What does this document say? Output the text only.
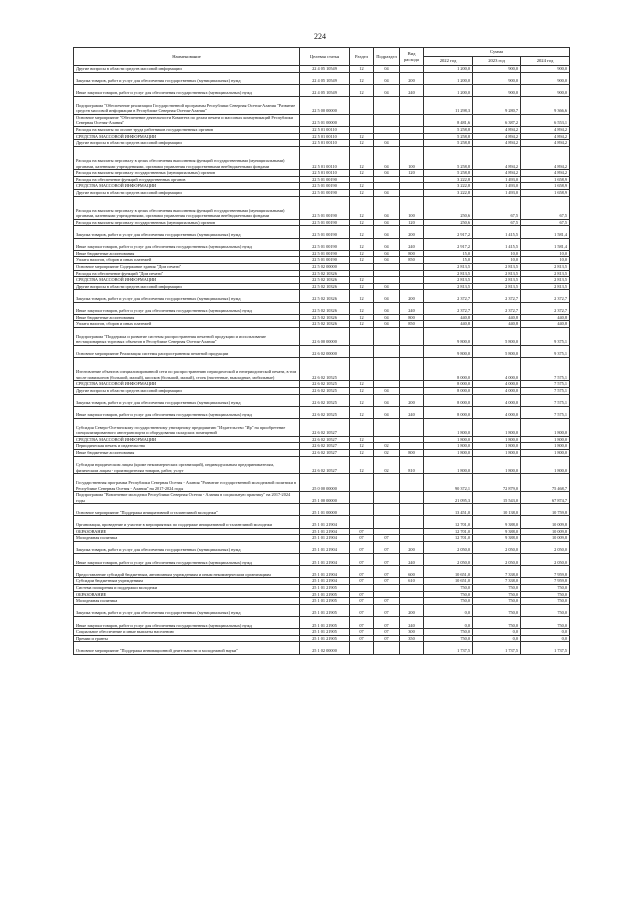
224
Наименование	Целевая статья	Раздел	Подраздел	Вид расхода	Сумма		
					2022 год	2023 год	2024 год
Другие вопросы в области средств массовой информации	22 4 05 10549	12	04		1 200,0	900,0	900,0
Закупка товаров, работ и услуг для обеспечения государственных (муниципальных) нужд	22 4 05 10549	12	04	200	1 200,0	900,0	900,0
Иные закупки товаров, работ и услуг для обеспечения государственных (муниципальных) нужд	22 4 05 10549	12	04	240	1 200,0	900,0	900,0
Подпрограмма "Обеспечение реализации Государственной программы Республики Северная Осетия-Алания "Развитие средств массовой информации в Республике Северная Осетия-Алания"	22 5 00 00000				11 298,3	9 280,7	9 366,6
Основное мероприятие "Обеспечение деятельности Комитета по делам печати и массовых коммуникаций Республики Северная Осетия-Алания"	22 5 01 00000				8 481,6	6 387,2	6 553,1
Расходы на выплаты по оплате труда работников государственных органов	22 5 01 00110				5 258,8	4 894,2	4 894,2
СРЕДСТВА МАССОВОЙ ИНФОРМАЦИИ	22 5 01 00110	12			5 258,8	4 894,2	4 894,2
Другие вопросы в области средств массовой информации	22 5 01 00110	12	04		5 258,8	4 894,2	4 894,2
Расходы на выплаты персоналу в целях обеспечения выполнения функций государственными (муниципальными) органами, казенными учреждениями, органами управления государственными внебюджетными фондами	22 5 01 00110	12	04	100	5 258,8	4 894,2	4 894,2
Расходы на выплаты персоналу государственных (муниципальных) органов	22 5 01 00110	12	04	120	5 258,8	4 894,2	4 894,2
Расходы на обеспечение функций государственных органов	22 5 01 00190				3 222,8	1 493,0	1 658,9
СРЕДСТВА МАССОВОЙ ИНФОРМАЦИИ	22 5 01 00190	12			3 222,8	1 493,0	1 658,9
Другие вопросы в области средств массовой информации	22 5 01 00190	12	04		3 222,8	1 493,0	1 658,9
Расходы на выплаты персоналу в целях обеспечения выполнения функций государственными (муниципальными) органами, казенными учреждениями, органами управления государственными внебюджетными фондами	22 5 01 00190	12	04	100	250,6	67,5	67,5
Расходы на выплаты персоналу государственных (муниципальных) органов	22 5 01 00190	12	04	120	250,6	67,5	67,5
Закупка товаров, работ и услуг для обеспечения государственных (муниципальных) нужд	22 5 01 00190	12	04	200	2 917,2	1 415,5	1 581,4
Иные закупки товаров, работ и услуг для обеспечения государственных (муниципальных) нужд	22 5 01 00190	12	04	240	2 917,2	1 415,5	1 581,4
Иные бюджетные ассигнования	22 5 01 00190	12	04	800	15,0	10,0	10,0
Уплата налогов, сборов и иных платежей	22 5 01 00190	12	04	850	15,0	10,0	10,0
Основное мероприятие Содержание здания "Дом печати"	22 5 02 00000				2 813,5	2 813,5	2 813,5
Расходы на обеспечение функций "Дом печати"	22 5 02 10326				2 813,5	2 813,5	2 813,5
СРЕДСТВА МАССОВОЙ ИНФОРМАЦИИ	22 5 02 10326	12			2 813,5	2 813,5	2 813,5
Другие вопросы в области средств массовой информации	22 5 02 10326	12	04		2 813,5	2 813,5	2 813,5
Закупка товаров, работ и услуг для обеспечения государственных (муниципальных) нужд	22 5 02 10326	12	04	200	2 372,7	2 372,7	2 372,7
Иные закупки товаров, работ и услуг для обеспечения государственных (муниципальных) нужд	22 5 02 10326	12	04	240	2 372,7	2 372,7	2 372,7
Иные бюджетные ассигнования	22 5 02 10326	12	04	800	440,8	440,8	440,8
Уплата налогов, сборов и иных платежей	22 5 02 10326	12	04	850	440,8	440,8	440,8
Подпрограмма "Поддержка и развитие системы распространения печатной продукции и использование нестационарных торговых объектов в Республике Северная Осетия-Алания"	22 6 00 00000				9 800,0	5 800,0	9 375,1
Основное мероприятие Реализация системы распространения печатной продукции	22 6 02 00000				9 800,0	5 800,0	9 375,1
Изготовление объектов специализированной сети по распространению периодической и непериодической печати, в том числе павильонов (большой, малый), киосков (большой, малый), стоек (настенные, выкладные, мобильные)	22 6 02 10525				8 000,0	4 000,0	7 575,1
СРЕДСТВА МАССОВОЙ ИНФОРМАЦИИ	22 6 02 10525	12			8 000,0	4 000,0	7 575,1
Другие вопросы в области средств массовой информации	22 6 02 10525	12	04		8 000,0	4 000,0	7 575,1
Закупка товаров, работ и услуг для обеспечения государственных (муниципальных) нужд	22 6 02 10525	12	04	200	8 000,0	4 000,0	7 575,1
Иные закупки товаров, работ и услуг для обеспечения государственных (муниципальных) нужд	22 6 02 10525	12	04	240	8 000,0	4 000,0	7 575,1
Субсидия Северо-Осетинскому государственному унитарному предприятию "Издательство "Ир" на приобретение специализированного автотранспорта и оборудования складских помещений	22 6 02 10527				1 800,0	1 800,0	1 800,0
СРЕДСТВА МАССОВОЙ ИНФОРМАЦИИ	22 6 02 10527	12			1 800,0	1 800,0	1 800,0
Периодическая печать и издательства	22 6 02 10527	12	02		1 800,0	1 800,0	1 800,0
Иные бюджетные ассигнования	22 6 02 10527	12	02	800	1 800,0	1 800,0	1 800,0
Субсидии юридическим лицам (кроме некоммерческих организаций), индивидуальным предпринимателям, физическим лицам - производителям товаров, работ, услуг	22 6 02 10527	12	02	810	1 800,0	1 800,0	1 800,0
Государственная программа Республики Северная Осетия - Алания "Развитие государственной молодежной политики в Республике Северная Осетия - Алания" на 2017-2024 годы	25 0 00 00000				90 372,1	72 879,0	75 468,7
Подпрограмма "Вовлечение молодежи Республики Северная Осетия - Алания в социальную практику" на 2017-2024 годы	25 1 00 00000				21 095,3	15 543,0	67 874,7
Основное мероприятие "Поддержка инициативной и талантливой молодежи"	25 1 01 00000				13 451,0	10 138,0	10 759,8
Организация, проведение и участие в мероприятиях по поддержке инициативной и талантливой молодежи	25 1 01 21904				12 701,0	9 388,0	10 009,8
ОБРАЗОВАНИЕ	25 1 01 21904	07			12 701,0	9 388,0	10 009,8
Молодежная политика	25 1 01 21904	07	07		12 701,0	9 388,0	10 009,8
Закупка товаров, работ и услуг для обеспечения государственных (муниципальных) нужд	25 1 01 21904	07	07	200	2 050,0	2 050,0	2 050,0
Иные закупки товаров, работ и услуг для обеспечения государственных (муниципальных) нужд	25 1 01 21904	07	07	240	2 050,0	2 050,0	2 050,0
Предоставление субсидий бюджетным, автономным учреждениям и иным некоммерческим организациям	25 1 01 21904	07	07	600	10 651,0	7 338,0	7 959,8
Субсидии бюджетным учреждениям	25 1 01 21904	07	07	610	10 651,0	7 338,0	7 959,8
Система поощрения и поддержки молодежи	25 1 01 21905				750,0	750,0	750,0
ОБРАЗОВАНИЕ	25 1 01 21905	07			750,0	750,0	750,0
Молодежная политика	25 1 01 21905	07	07		750,0	750,0	750,0
Закупка товаров, работ и услуг для обеспечения государственных (муниципальных) нужд	25 1 01 21905	07	07	200	0,0	750,0	750,0
Иные закупки товаров, работ и услуг для обеспечения государственных (муниципальных) нужд	25 1 01 21905	07	07	240	0,0	750,0	750,0
Социальное обеспечение и иные выплаты населению	25 1 01 21905	07	07	300	750,0	0,0	0,0
Премии и гранты	25 1 01 21905	07	07	350	750,0	0,0	0,0
Основное мероприятие "Поддержка инновационной деятельности и молодежной науки"	25 1 02 00000				1 737,5	1 737,5	1 737,5
